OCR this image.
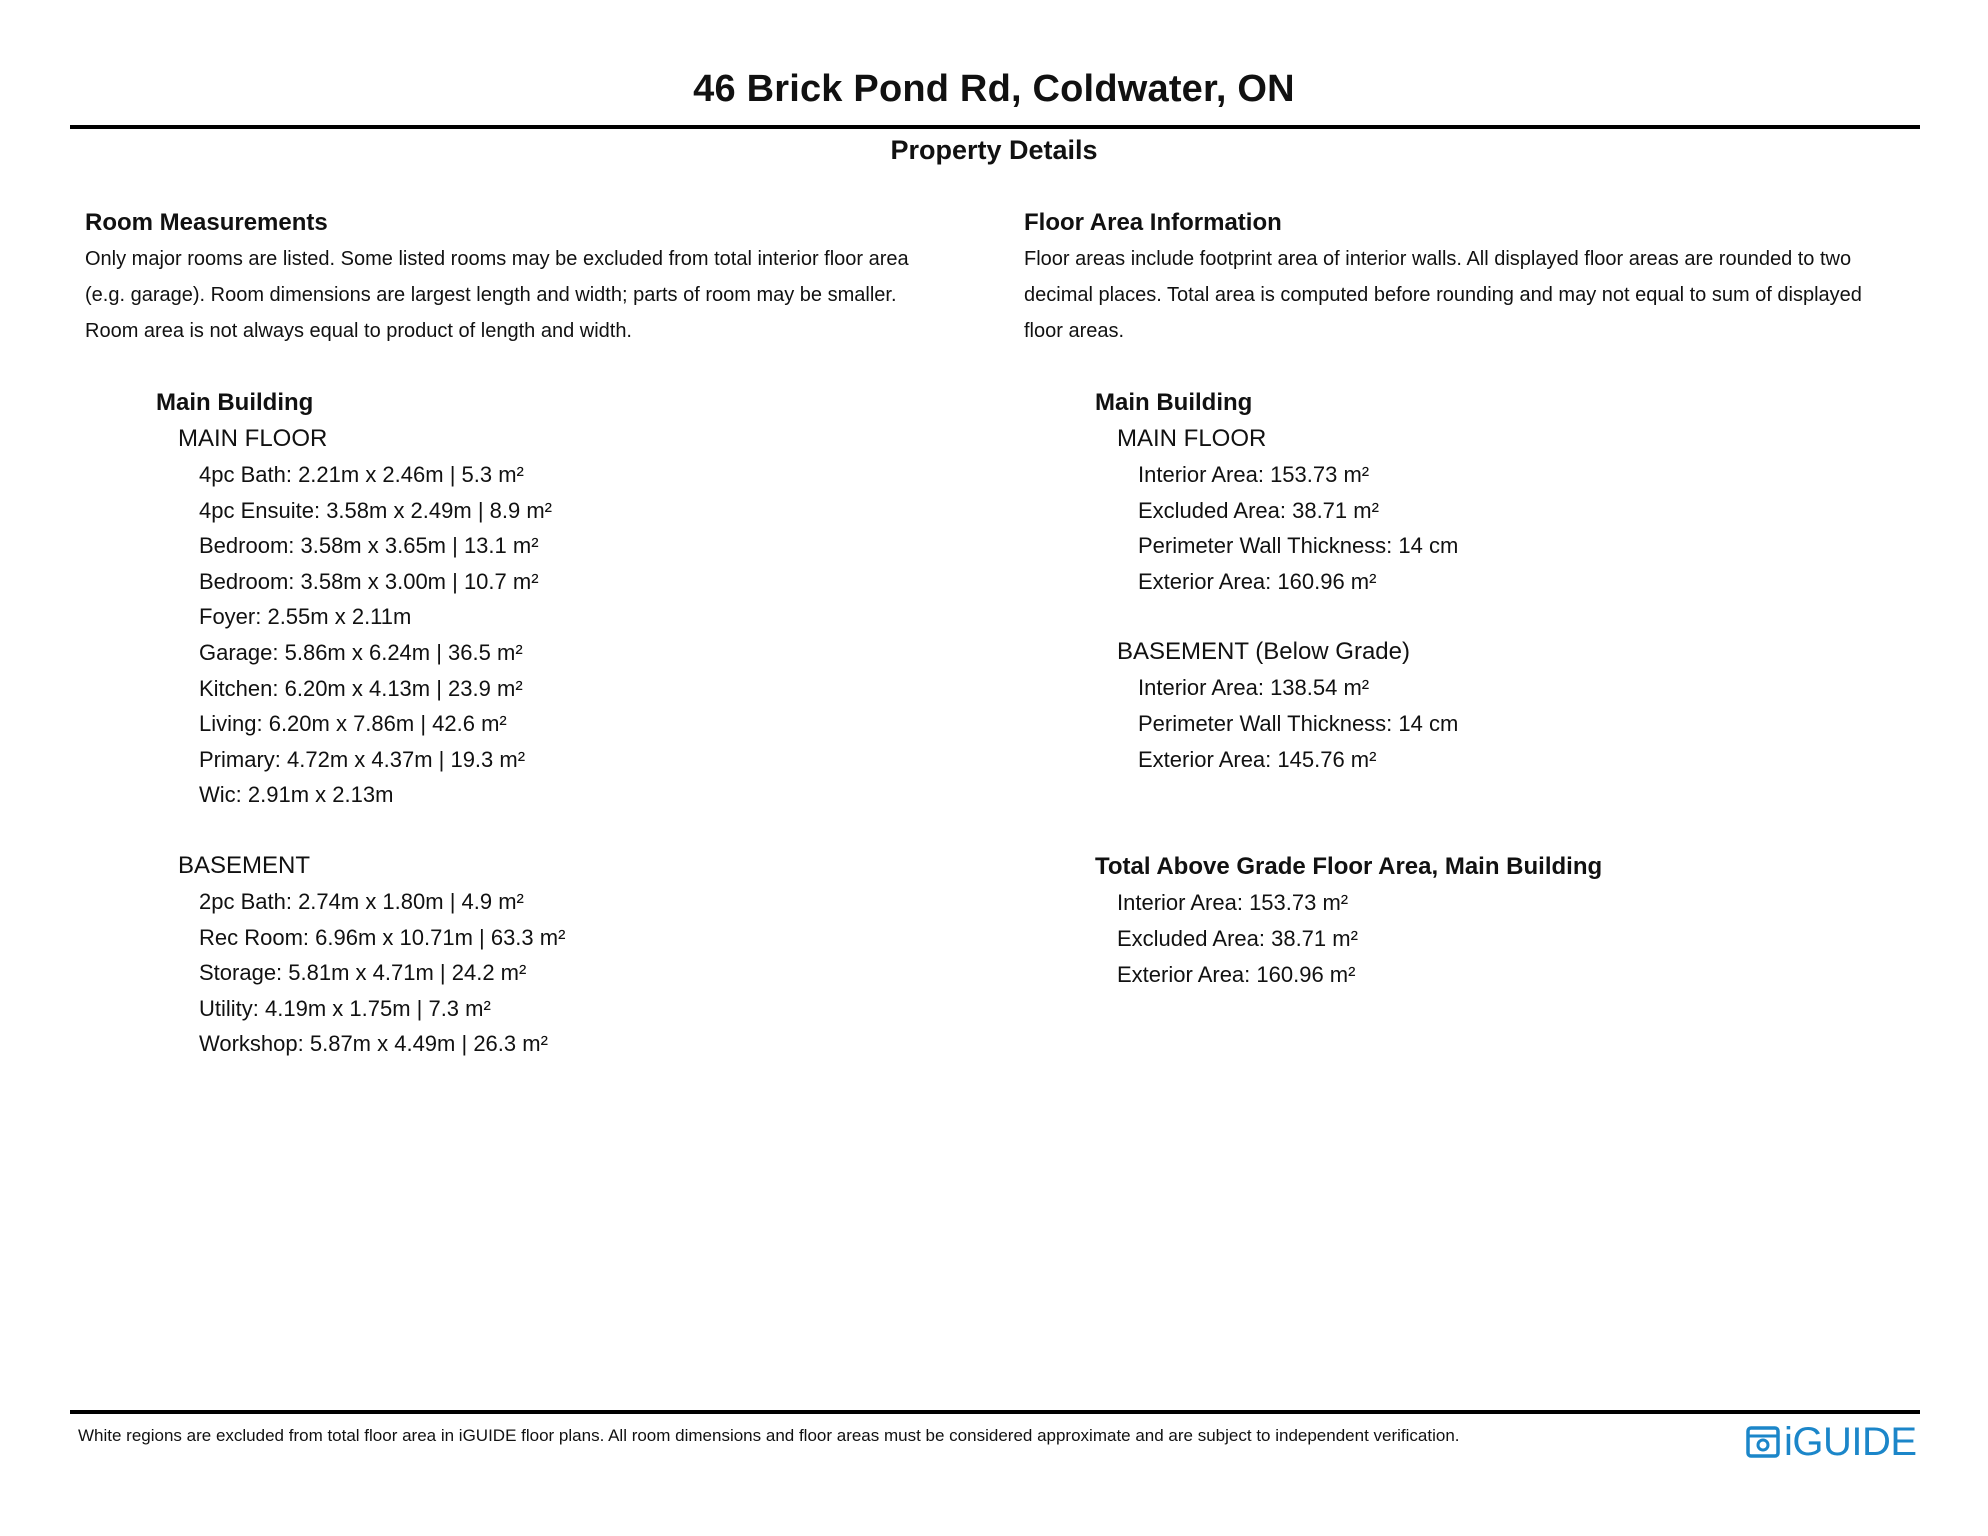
46 Brick Pond Rd, Coldwater, ON
Property Details

Room Measurements

Only major rooms are listed. Some listed rooms may be excluded from total interior floor area

(e.g. garage). Room dimensions are largest length and width; parts of room may be smaller.

Room area is not always equal to product of length and width.

Main Building
MAIN FLOOR
4pc Bath: 2.21m x 2.46m | 5.3 m²
4pc Ensuite: 3.58m x 2.49m | 8.9 m²
Bedroom: 3.58m x 3.65m | 13.1 m²
Bedroom: 3.58m x 3.00m | 10.7 m²
Foyer: 2.55m x 2.11m
Garage: 5.86m x 6.24m | 36.5 m²
Kitchen: 6.20m x 4.13m | 23.9 m²
Living: 6.20m x 7.86m | 42.6 m²
Primary: 4.72m x 4.37m | 19.3 m²
Wic: 2.91m x 2.13m
BASEMENT
2pc Bath: 2.74m x 1.80m | 4.9 m²
Rec Room: 6.96m x 10.71m | 63.3 m²
Storage: 5.81m x 4.71m | 24.2 m²
Utility: 4.19m x 1.75m | 7.3 m²
Workshop: 5.87m x 4.49m | 26.3 m²

Floor Area Information

Floor areas include footprint area of interior walls. All displayed floor areas are rounded to two

decimal places. Total area is computed before rounding and may not equal to sum of displayed

floor areas.

Main Building
MAIN FLOOR
Interior Area: 153.73 m²
Excluded Area: 38.71 m²
Perimeter Wall Thickness: 14 cm
Exterior Area: 160.96 m²
BASEMENT (Below Grade)
Interior Area: 138.54 m²
Perimeter Wall Thickness: 14 cm
Exterior Area: 145.76 m²
Total Above Grade Floor Area, Main Building
Interior Area: 153.73 m²
Excluded Area: 38.71 m²
Exterior Area: 160.96 m²
White regions are excluded from total floor area in iGUIDE floor plans. All room dimensions and floor areas must be considered approximate and are subject to independent verification.	iGUIDE
